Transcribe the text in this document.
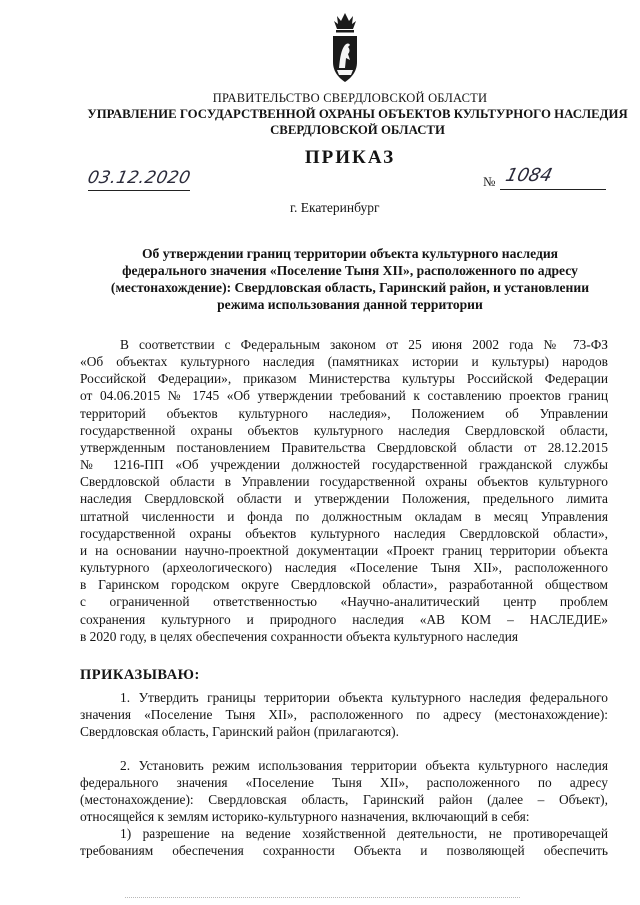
ПРАВИТЕЛЬСТВО СВЕРДЛОВСКОЙ ОБЛАСТИ
УПРАВЛЕНИЕ ГОСУДАРСТВЕННОЙ ОХРАНЫ ОБЪЕКТОВ КУЛЬТУРНОГО НАСЛЕДИЯ
СВЕРДЛОВСКОЙ ОБЛАСТИ
ПРИКАЗ
03.12.2020	№ 1084
г. Екатеринбург
Об утверждении границ территории объекта культурного наследия
федерального значения «Поселение Тыня XII», расположенного по адресу
(местонахождение): Свердловская область, Гаринский район, и установлении
режима использования данной территории
В соответствии с Федеральным законом от 25 июня 2002 года № 73-ФЗ
«Об объектах культурного наследия (памятниках истории и культуры) народов
Российской Федерации», приказом Министерства культуры Российской Федерации
от 04.06.2015 № 1745 «Об утверждении требований к составлению проектов границ
территорий объектов культурного наследия», Положением об Управлении
государственной охраны объектов культурного наследия Свердловской области,
утвержденным постановлением Правительства Свердловской области от 28.12.2015
№ 1216-ПП «Об учреждении должностей государственной гражданской службы
Свердловской области в Управлении государственной охраны объектов культурного
наследия Свердловской области и утверждении Положения, предельного лимита
штатной численности и фонда по должностным окладам в месяц Управления
государственной охраны объектов культурного наследия Свердловской области»,
и на основании научно-проектной документации «Проект границ территории объекта
культурного (археологического) наследия «Поселение Тыня XII», расположенного
в Гаринском городском округе Свердловской области», разработанной обществом
с ограниченной ответственностью «Научно-аналитический центр проблем
сохранения культурного и природного наследия «АВ КОМ – НАСЛЕДИЕ»
в 2020 году, в целях обеспечения сохранности объекта культурного наследия
ПРИКАЗЫВАЮ:
1. Утвердить границы территории объекта культурного наследия федерального
значения «Поселение Тыня XII», расположенного по адресу (местонахождение):
Свердловская область, Гаринский район (прилагаются).
2. Установить режим использования территории объекта культурного наследия
федерального значения «Поселение Тыня XII», расположенного по адресу
(местонахождение): Свердловская область, Гаринский район (далее – Объект),
относящейся к землям историко-культурного назначения, включающий в себя:
1) разрешение на ведение хозяйственной деятельности, не противоречащей
требованиям обеспечения сохранности Объекта и позволяющей обеспечить
